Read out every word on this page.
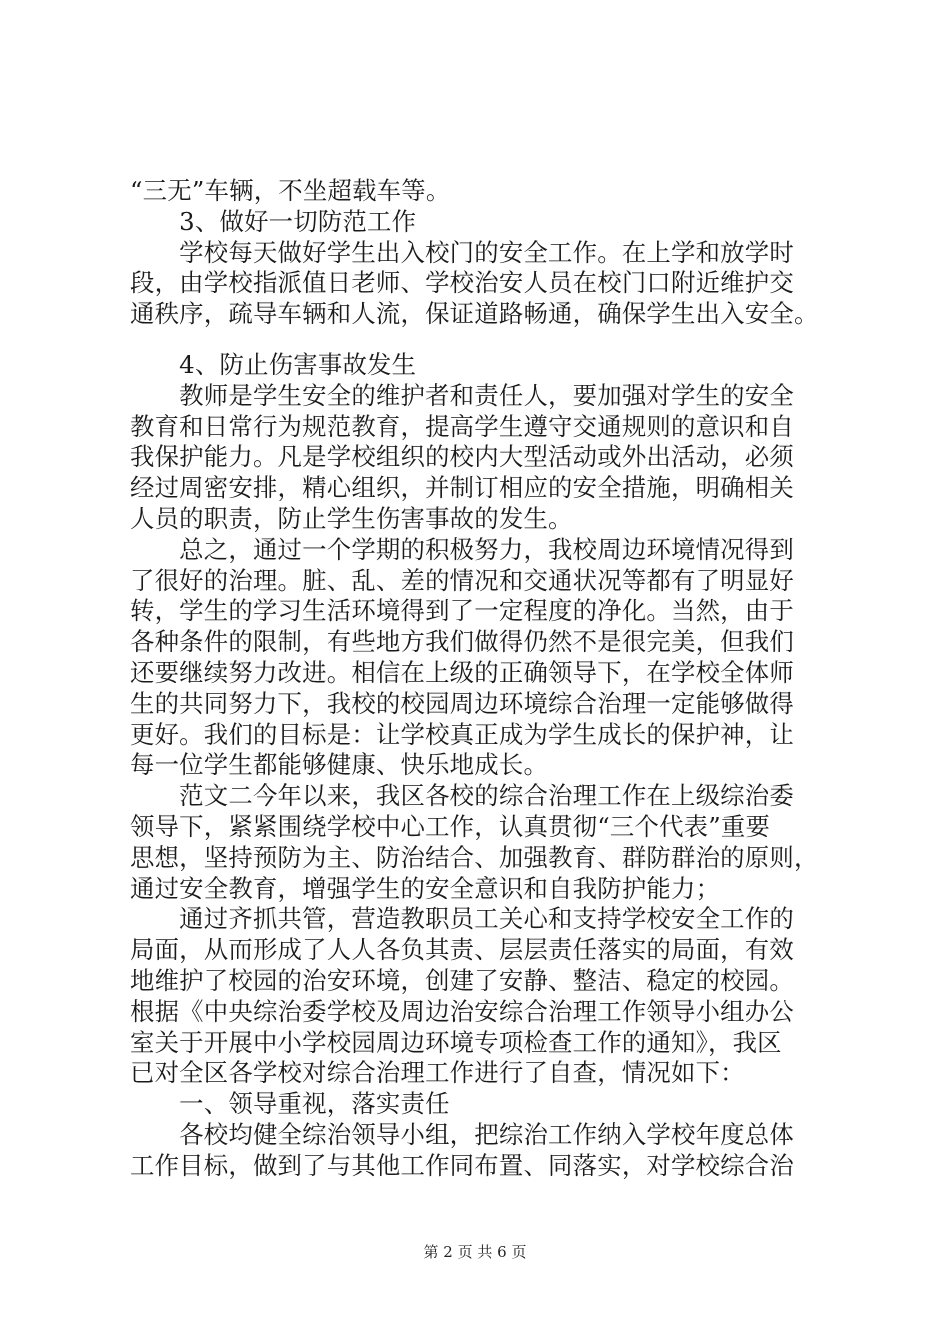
“三无”车辆，不坐超载车等。
　　3、做好一切防范工作
　　学校每天做好学生出入校门的安全工作。在上学和放学时
段，由学校指派值日老师、学校治安人员在校门口附近维护交
通秩序，疏导车辆和人流，保证道路畅通，确保学生出入安全。
　　4、防止伤害事故发生
　　教师是学生安全的维护者和责任人，要加强对学生的安全
教育和日常行为规范教育，提高学生遵守交通规则的意识和自
我保护能力。凡是学校组织的校内大型活动或外出活动，必须
经过周密安排，精心组织，并制订相应的安全措施，明确相关
人员的职责，防止学生伤害事故的发生。
　　总之，通过一个学期的积极努力，我校周边环境情况得到
了很好的治理。脏、乱、差的情况和交通状况等都有了明显好
转，学生的学习生活环境得到了一定程度的净化。当然，由于
各种条件的限制，有些地方我们做得仍然不是很完美，但我们
还要继续努力改进。相信在上级的正确领导下，在学校全体师
生的共同努力下，我校的校园周边环境综合治理一定能够做得
更好。我们的目标是：让学校真正成为学生成长的保护神，让
每一位学生都能够健康、快乐地成长。
　　范文二今年以来，我区各校的综合治理工作在上级综治委
领导下，紧紧围绕学校中心工作，认真贯彻“三个代表”重要
思想，坚持预防为主、防治结合、加强教育、群防群治的原则，
通过安全教育，增强学生的安全意识和自我防护能力；
　　通过齐抓共管，营造教职员工关心和支持学校安全工作的
局面，从而形成了人人各负其责、层层责任落实的局面，有效
地维护了校园的治安环境，创建了安静、整洁、稳定的校园。
根据《中央综治委学校及周边治安综合治理工作领导小组办公
室关于开展中小学校园周边环境专项检查工作的通知》，我区
已对全区各学校对综合治理工作进行了自查，情况如下：
　　一、领导重视，落实责任
　　各校均健全综治领导小组，把综治工作纳入学校年度总体
工作目标，做到了与其他工作同布置、同落实，对学校综合治
第 2 页 共 6 页
